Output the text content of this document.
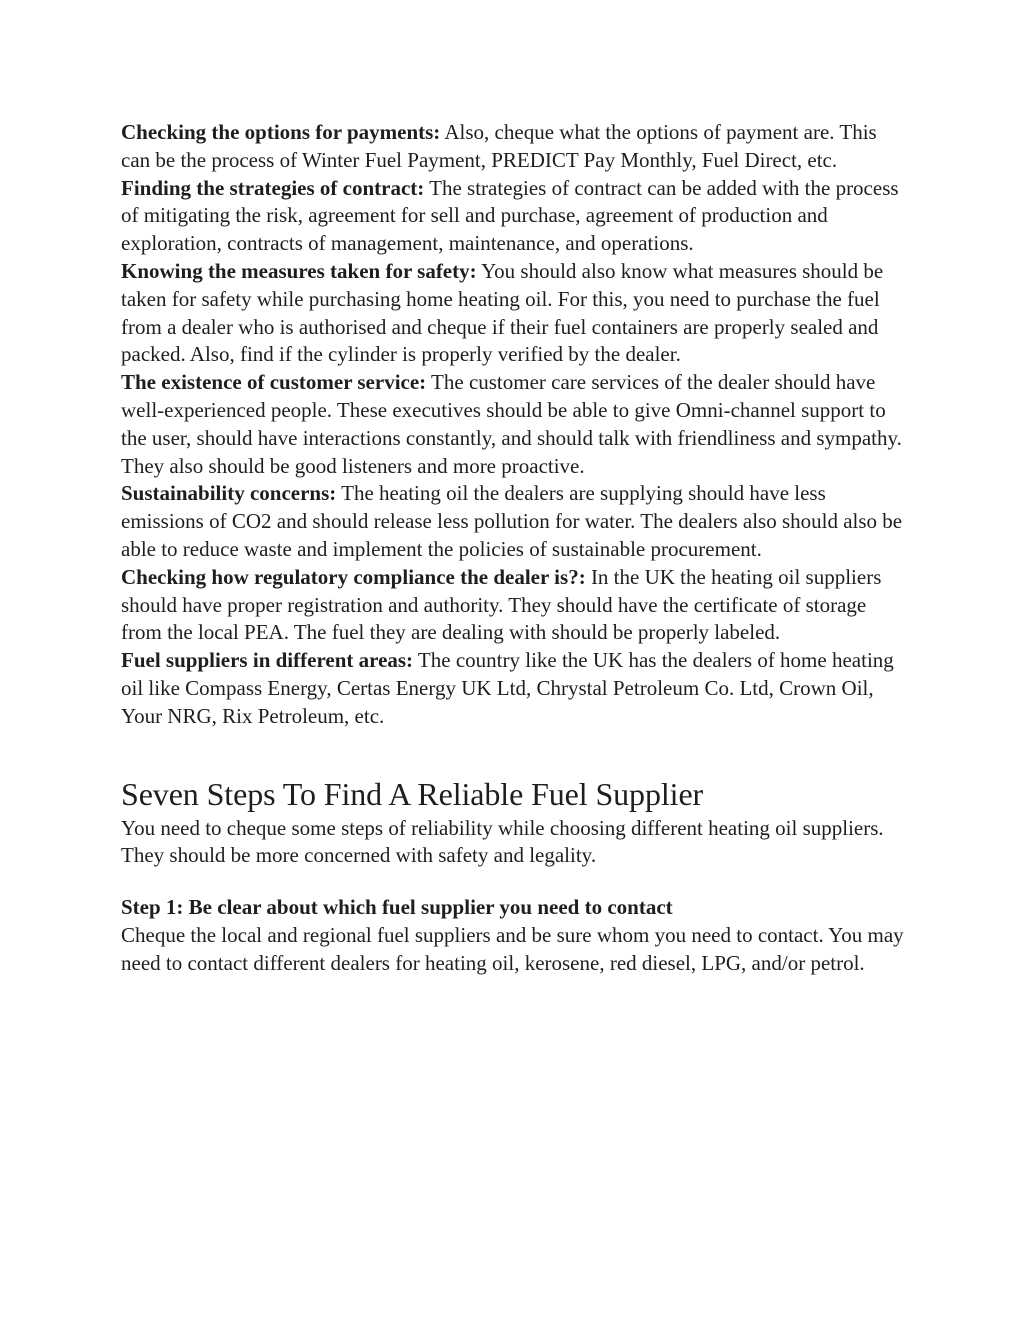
Checking the options for payments: Also, cheque what the options of payment are. This can be the process of Winter Fuel Payment, PREDICT Pay Monthly, Fuel Direct, etc.

Finding the strategies of contract: The strategies of contract can be added with the process of mitigating the risk, agreement for sell and purchase, agreement of production and exploration, contracts of management, maintenance, and operations.

Knowing the measures taken for safety: You should also know what measures should be taken for safety while purchasing home heating oil. For this, you need to purchase the fuel from a dealer who is authorised and cheque if their fuel containers are properly sealed and packed. Also, find if the cylinder is properly verified by the dealer.

The existence of customer service: The customer care services of the dealer should have well-experienced people. These executives should be able to give Omni-channel support to the user, should have interactions constantly, and should talk with friendliness and sympathy. They also should be good listeners and more proactive.

Sustainability concerns: The heating oil the dealers are supplying should have less emissions of CO2 and should release less pollution for water. The dealers also should also be able to reduce waste and implement the policies of sustainable procurement.

Checking how regulatory compliance the dealer is?: In the UK the heating oil suppliers should have proper registration and authority. They should have the certificate of storage from the local PEA. The fuel they are dealing with should be properly labeled.

Fuel suppliers in different areas: The country like the UK has the dealers of home heating oil like Compass Energy, Certas Energy UK Ltd, Chrystal Petroleum Co. Ltd, Crown Oil, Your NRG, Rix Petroleum, etc.

Seven Steps To Find A Reliable Fuel Supplier

You need to cheque some steps of reliability while choosing different heating oil suppliers. They should be more concerned with safety and legality.

Step 1: Be clear about which fuel supplier you need to contact

Cheque the local and regional fuel suppliers and be sure whom you need to contact. You may need to contact different dealers for heating oil, kerosene, red diesel, LPG, and/or petrol.
